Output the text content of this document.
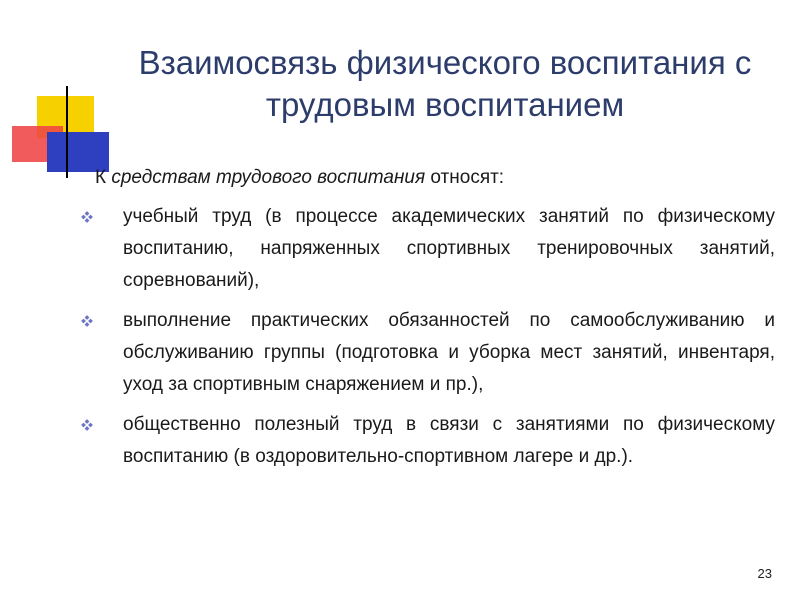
Взаимосвязь физического воспитания с трудовым воспитанием
К средствам трудового воспитания относят:
учебный труд (в процессе академических занятий по физическому воспитанию, напряженных спортивных тренировочных занятий, соревнований),
выполнение практических обязанностей по самообслуживанию и обслуживанию группы (подготовка и уборка мест занятий, инвентаря, уход за спортивным снаряжением и пр.),
общественно полезный труд в связи с занятиями по физическому воспитанию (в оздоровительно-спортивном лагере и др.).
23
